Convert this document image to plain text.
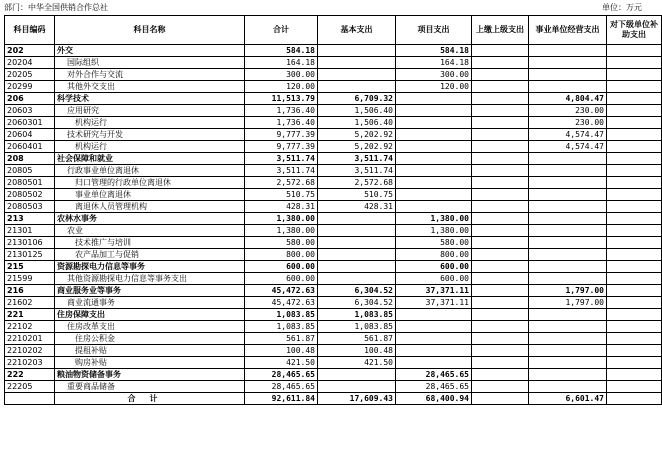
部门：中华全国供销合作总社	单位：万元
科目编码	科目名称	合计	基本支出	项目支出	上缴上级支出	事业单位经营支出	对下级单位补助支出
202	外交	584.18		584.18			
20204	国际组织	164.18		164.18			
20205	对外合作与交流	300.00		300.00			
20299	其他外交支出	120.00		120.00			
206	科学技术	11,513.79	6,709.32			4,804.47	
20603	应用研究	1,736.40	1,506.40			230.00	
2060301	机构运行	1,736.40	1,506.40			230.00	
20604	技术研究与开发	9,777.39	5,202.92			4,574.47	
2060401	机构运行	9,777.39	5,202.92			4,574.47	
208	社会保障和就业	3,511.74	3,511.74				
20805	行政事业单位离退休	3,511.74	3,511.74				
2080501	归口管理的行政单位离退休	2,572.68	2,572.68				
2080502	事业单位离退休	510.75	510.75				
2080503	离退休人员管理机构	428.31	428.31				
213	农林水事务	1,380.00		1,380.00			
21301	农业	1,380.00		1,380.00			
2130106	技术推广与培训	580.00		580.00			
2130125	农产品加工与促销	800.00		800.00			
215	资源勘探电力信息等事务	600.00		600.00			
21599	其他资源勘探电力信息等事务支出	600.00		600.00			
216	商业服务业等事务	45,472.63	6,304.52	37,371.11		1,797.00	
21602	商业流通事务	45,472.63	6,304.52	37,371.11		1,797.00	
221	住房保障支出	1,083.85	1,083.85				
22102	住房改革支出	1,083.85	1,083.85				
2210201	住房公积金	561.87	561.87				
2210202	提租补贴	100.48	100.48				
2210203	购房补贴	421.50	421.50				
222	粮油物资储备事务	28,465.65		28,465.65			
22205	重要商品储备	28,465.65		28,465.65			
	合计	92,611.84	17,609.43	68,400.94		6,601.47	
